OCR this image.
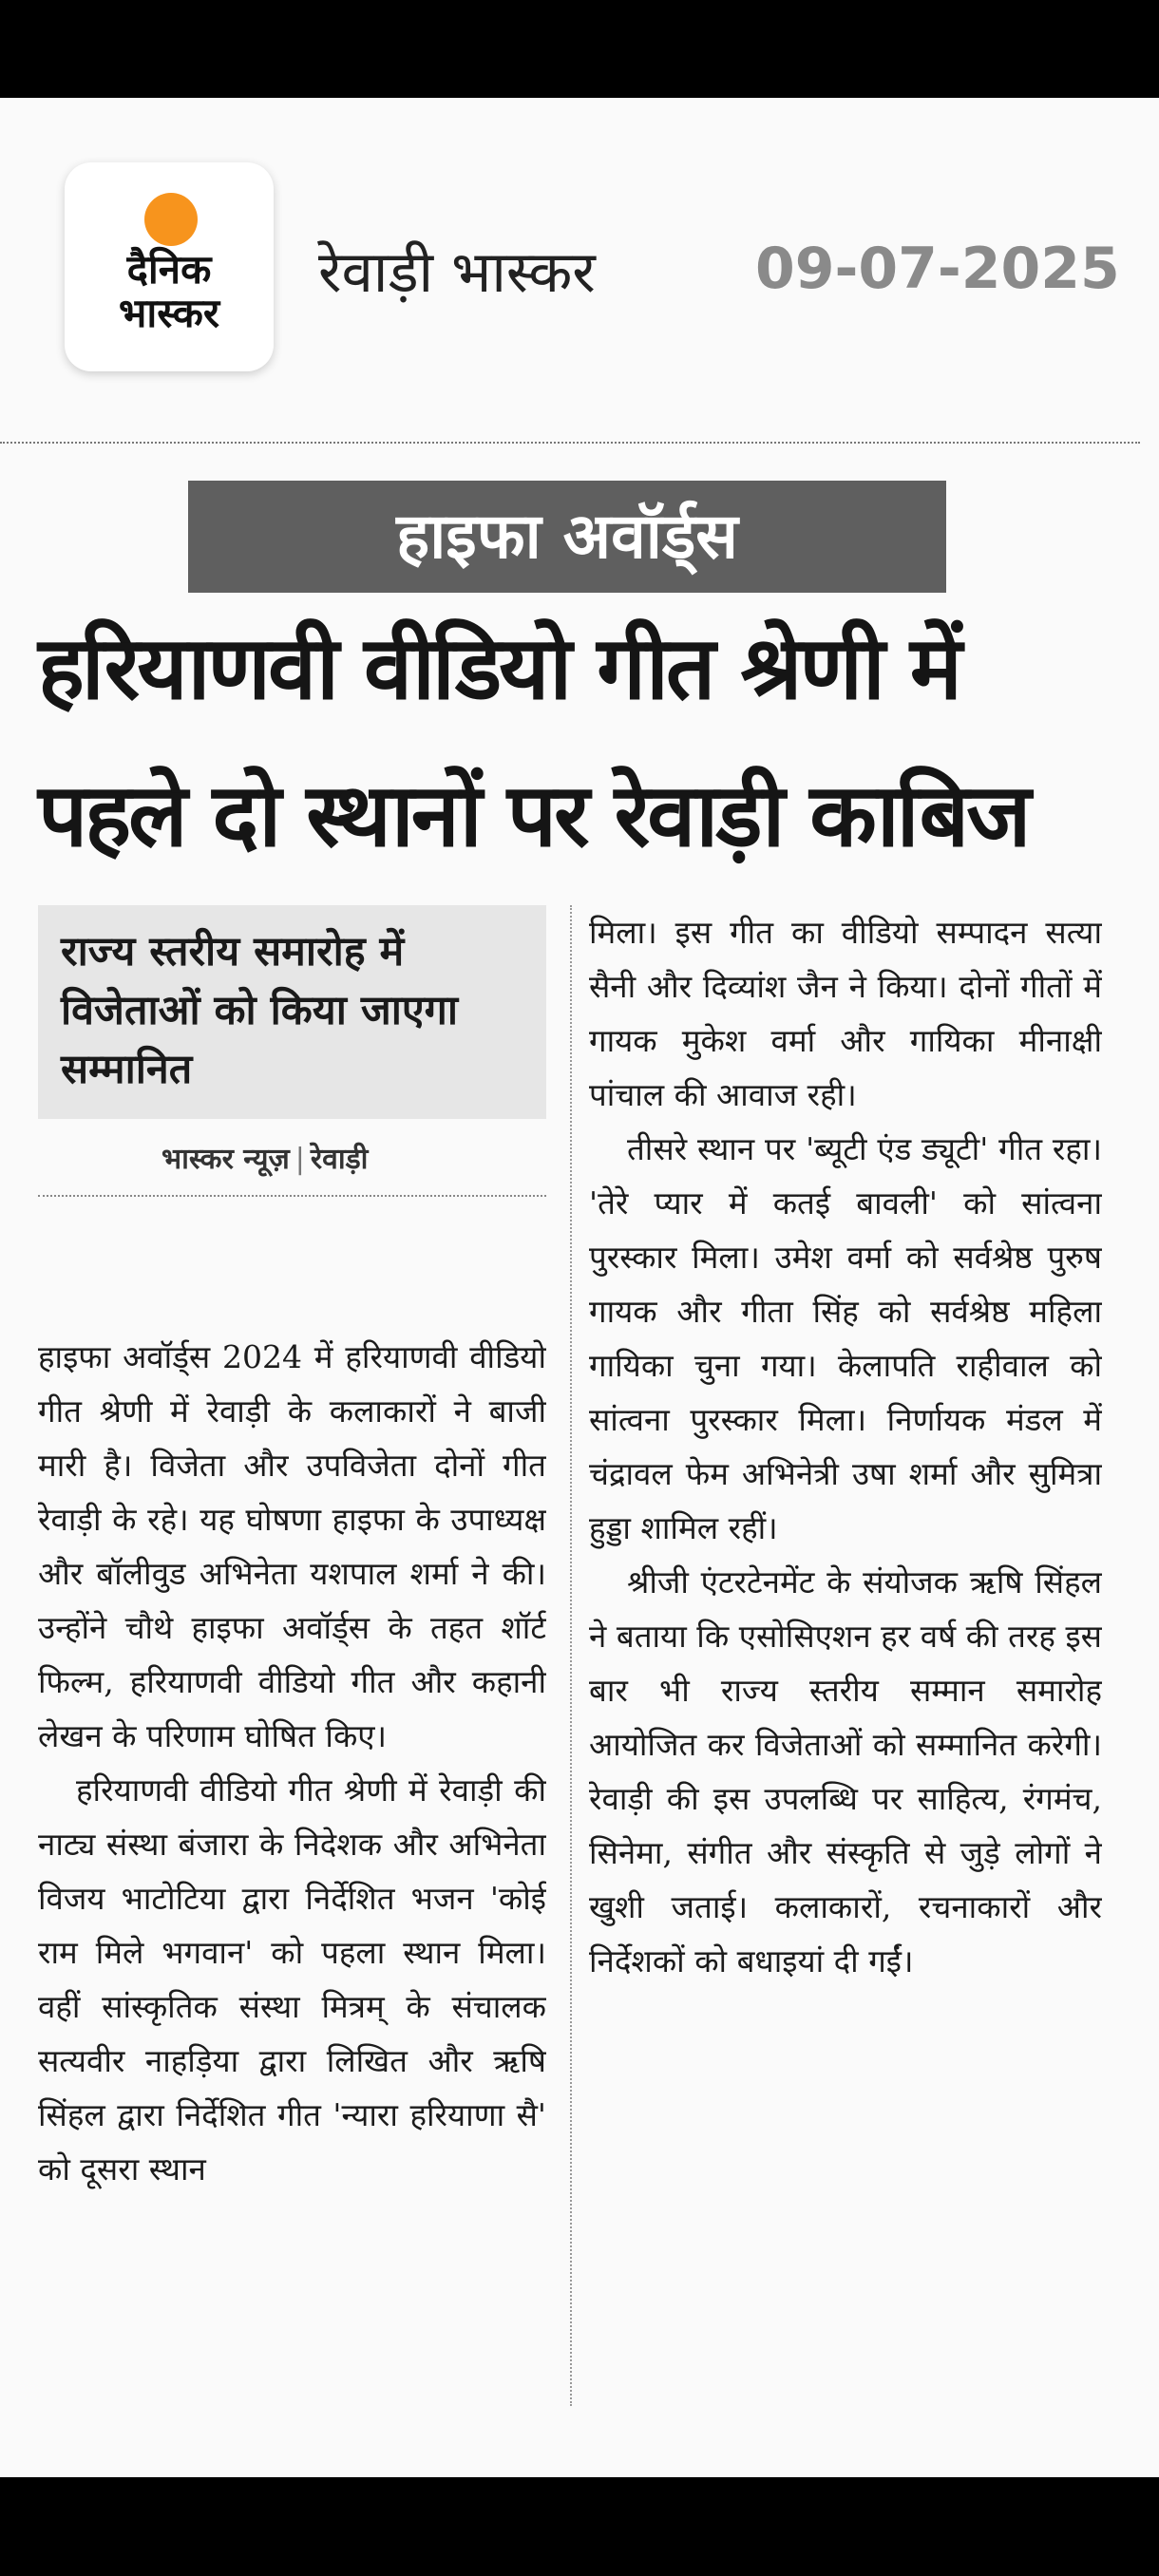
दैनिक
भास्कर
रेवाड़ी भास्कर	09-07-2025
हाइफा अवॉर्ड्स
हरियाणवी वीडियो गीत श्रेणी में
पहले दो स्थानों पर रेवाड़ी काबिज
राज्य स्तरीय समारोह में विजेताओं को किया जाएगा सम्मानित
भास्कर न्यूज़ | रेवाड़ी

हाइफा अवॉर्ड्स 2024 में हरियाणवी वीडियो गीत श्रेणी में रेवाड़ी के कलाकारों ने बाजी मारी है। विजेता और उपविजेता दोनों गीत रेवाड़ी के रहे। यह घोषणा हाइफा के उपाध्यक्ष और बॉलीवुड अभिनेता यशपाल शर्मा ने की। उन्होंने चौथे हाइफा अवॉर्ड्स के तहत शॉर्ट फिल्म, हरियाणवी वीडियो गीत और कहानी लेखन के परिणाम घोषित किए।

हरियाणवी वीडियो गीत श्रेणी में रेवाड़ी की नाट्य संस्था बंजारा के निदेशक और अभिनेता विजय भाटोटिया द्वारा निर्देशित भजन 'कोई राम मिले भगवान' को पहला स्थान मिला। वहीं सांस्कृतिक संस्था मित्रम् के संचालक सत्यवीर नाहड़िया द्वारा लिखित और ऋषि सिंहल द्वारा निर्देशित गीत 'न्यारा हरियाणा सै' को दूसरा स्थान

मिला। इस गीत का वीडियो सम्पादन सत्या सैनी और दिव्यांश जैन ने किया। दोनों गीतों में गायक मुकेश वर्मा और गायिका मीनाक्षी पांचाल की आवाज रही।

तीसरे स्थान पर 'ब्यूटी एंड ड्यूटी' गीत रहा। 'तेरे प्यार में कतई बावली' को सांत्वना पुरस्कार मिला। उमेश वर्मा को सर्वश्रेष्ठ पुरुष गायक और गीता सिंह को सर्वश्रेष्ठ महिला गायिका चुना गया। केलापति राहीवाल को सांत्वना पुरस्कार मिला। निर्णायक मंडल में चंद्रावल फेम अभिनेत्री उषा शर्मा और सुमित्रा हुड्डा शामिल रहीं।

श्रीजी एंटरटेनमेंट के संयोजक ऋषि सिंहल ने बताया कि एसोसिएशन हर वर्ष की तरह इस बार भी राज्य स्तरीय सम्मान समारोह आयोजित कर विजेताओं को सम्मानित करेगी। रेवाड़ी की इस उपलब्धि पर साहित्य, रंगमंच, सिनेमा, संगीत और संस्कृति से जुड़े लोगों ने खुशी जताई। कलाकारों, रचनाकारों और निर्देशकों को बधाइयां दी गईं।
